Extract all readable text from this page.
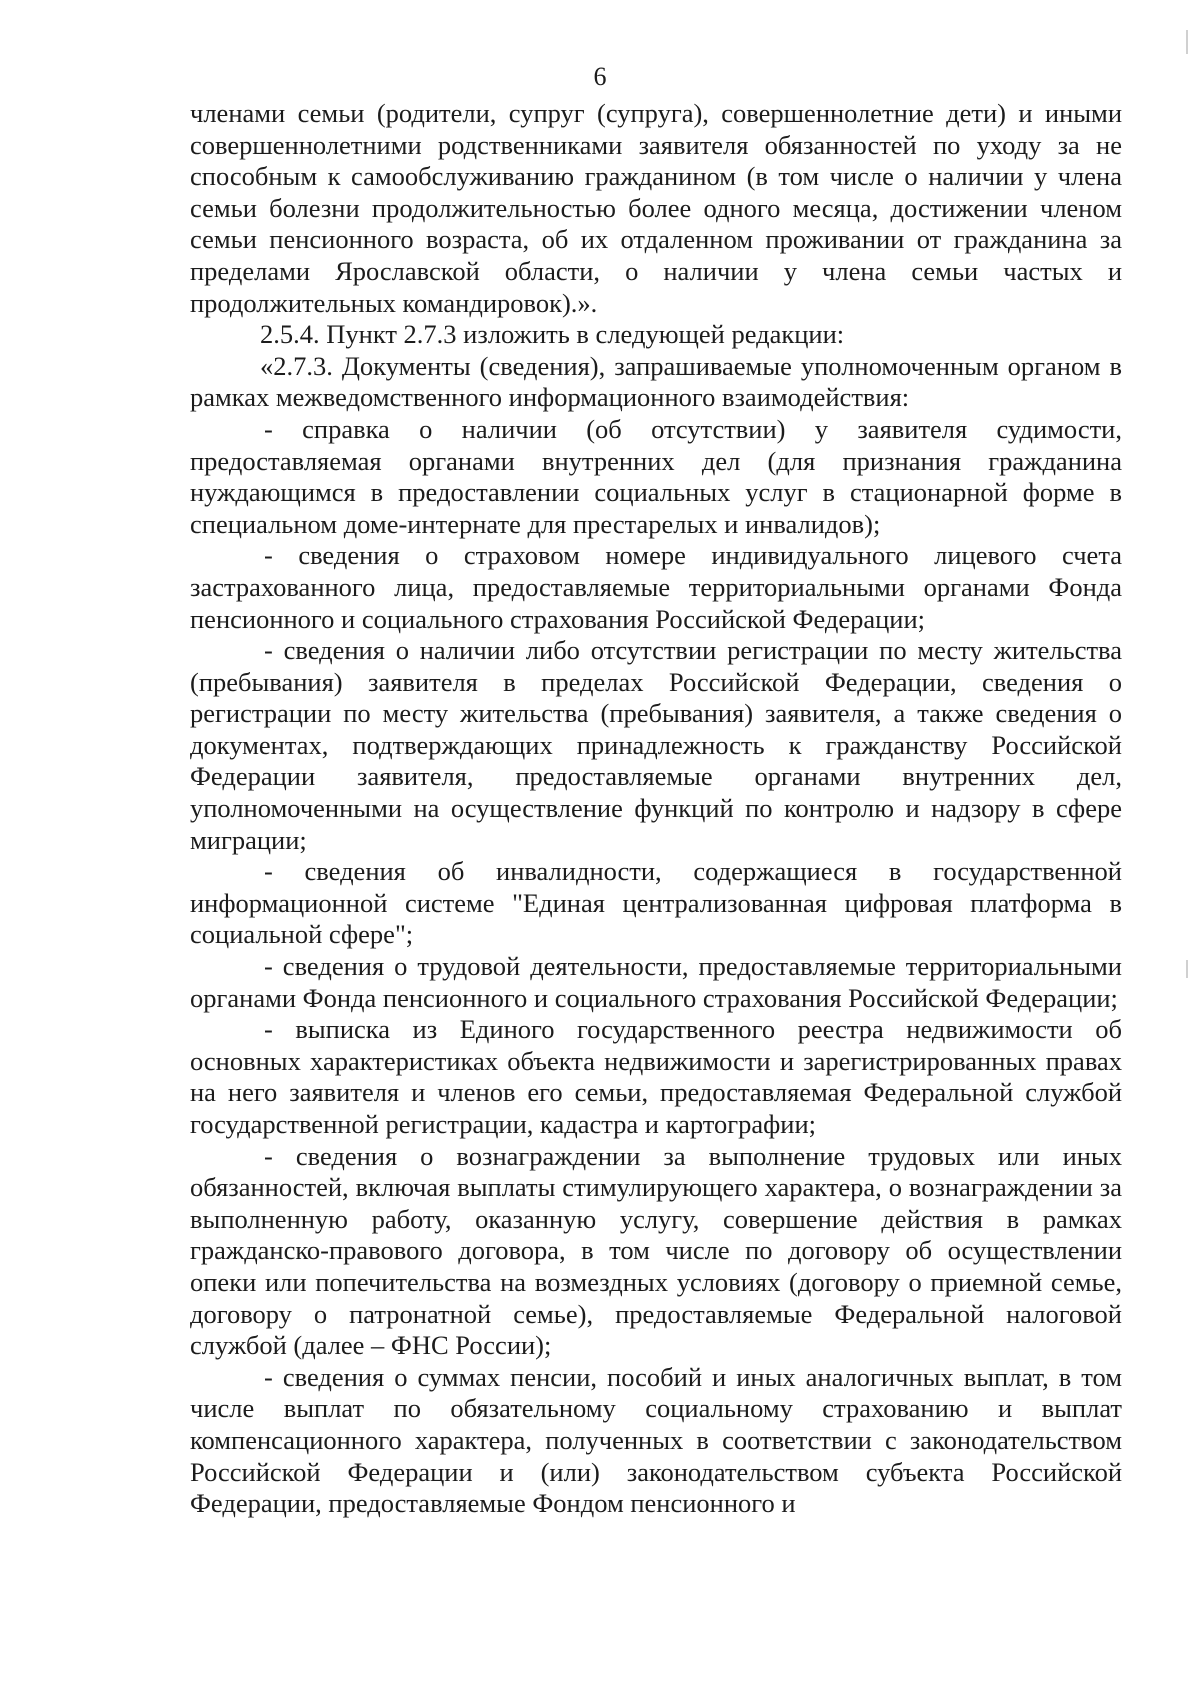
6

членами семьи (родители, супруг (супруга), совершеннолетние дети) и иными совершеннолетними родственниками заявителя обязанностей по уходу за не способным к самообслуживанию гражданином (в том числе о наличии у члена семьи болезни продолжительностью более одного месяца, достижении членом семьи пенсионного возраста, об их отдаленном проживании от гражданина за пределами Ярославской области, о наличии у члена семьи частых и продолжительных командировок).».

2.5.4. Пункт 2.7.3 изложить в следующей редакции:

«2.7.3. Документы (сведения), запрашиваемые уполномоченным органом в рамках межведомственного информационного взаимодействия:

- справка о наличии (об отсутствии) у заявителя судимости, предоставляемая органами внутренних дел (для признания гражданина нуждающимся в предоставлении социальных услуг в стационарной форме в специальном доме-интернате для престарелых и инвалидов);

- сведения о страховом номере индивидуального лицевого счета застрахованного лица, предоставляемые территориальными органами Фонда пенсионного и социального страхования Российской Федерации;

- сведения о наличии либо отсутствии регистрации по месту жительства (пребывания) заявителя в пределах Российской Федерации, сведения о регистрации по месту жительства (пребывания) заявителя, а также сведения о документах, подтверждающих принадлежность к гражданству Российской Федерации заявителя, предоставляемые органами внутренних дел, уполномоченными на осуществление функций по контролю и надзору в сфере миграции;

- сведения об инвалидности, содержащиеся в государственной информационной системе "Единая централизованная цифровая платформа в социальной сфере";

- сведения о трудовой деятельности, предоставляемые территориальными органами Фонда пенсионного и социального страхования Российской Федерации;

- выписка из Единого государственного реестра недвижимости об основных характеристиках объекта недвижимости и зарегистрированных правах на него заявителя и членов его семьи, предоставляемая Федеральной службой государственной регистрации, кадастра и картографии;

- сведения о вознаграждении за выполнение трудовых или иных обязанностей, включая выплаты стимулирующего характера, о вознаграждении за выполненную работу, оказанную услугу, совершение действия в рамках гражданско-правового договора, в том числе по договору об осуществлении опеки или попечительства на возмездных условиях (договору о приемной семье, договору о патронатной семье), предоставляемые Федеральной налоговой службой (далее – ФНС России);

- сведения о суммах пенсии, пособий и иных аналогичных выплат, в том числе выплат по обязательному социальному страхованию и выплат компенсационного характера, полученных в соответствии с законодательством Российской Федерации и (или) законодательством субъекта Российской Федерации, предоставляемые Фондом пенсионного и
